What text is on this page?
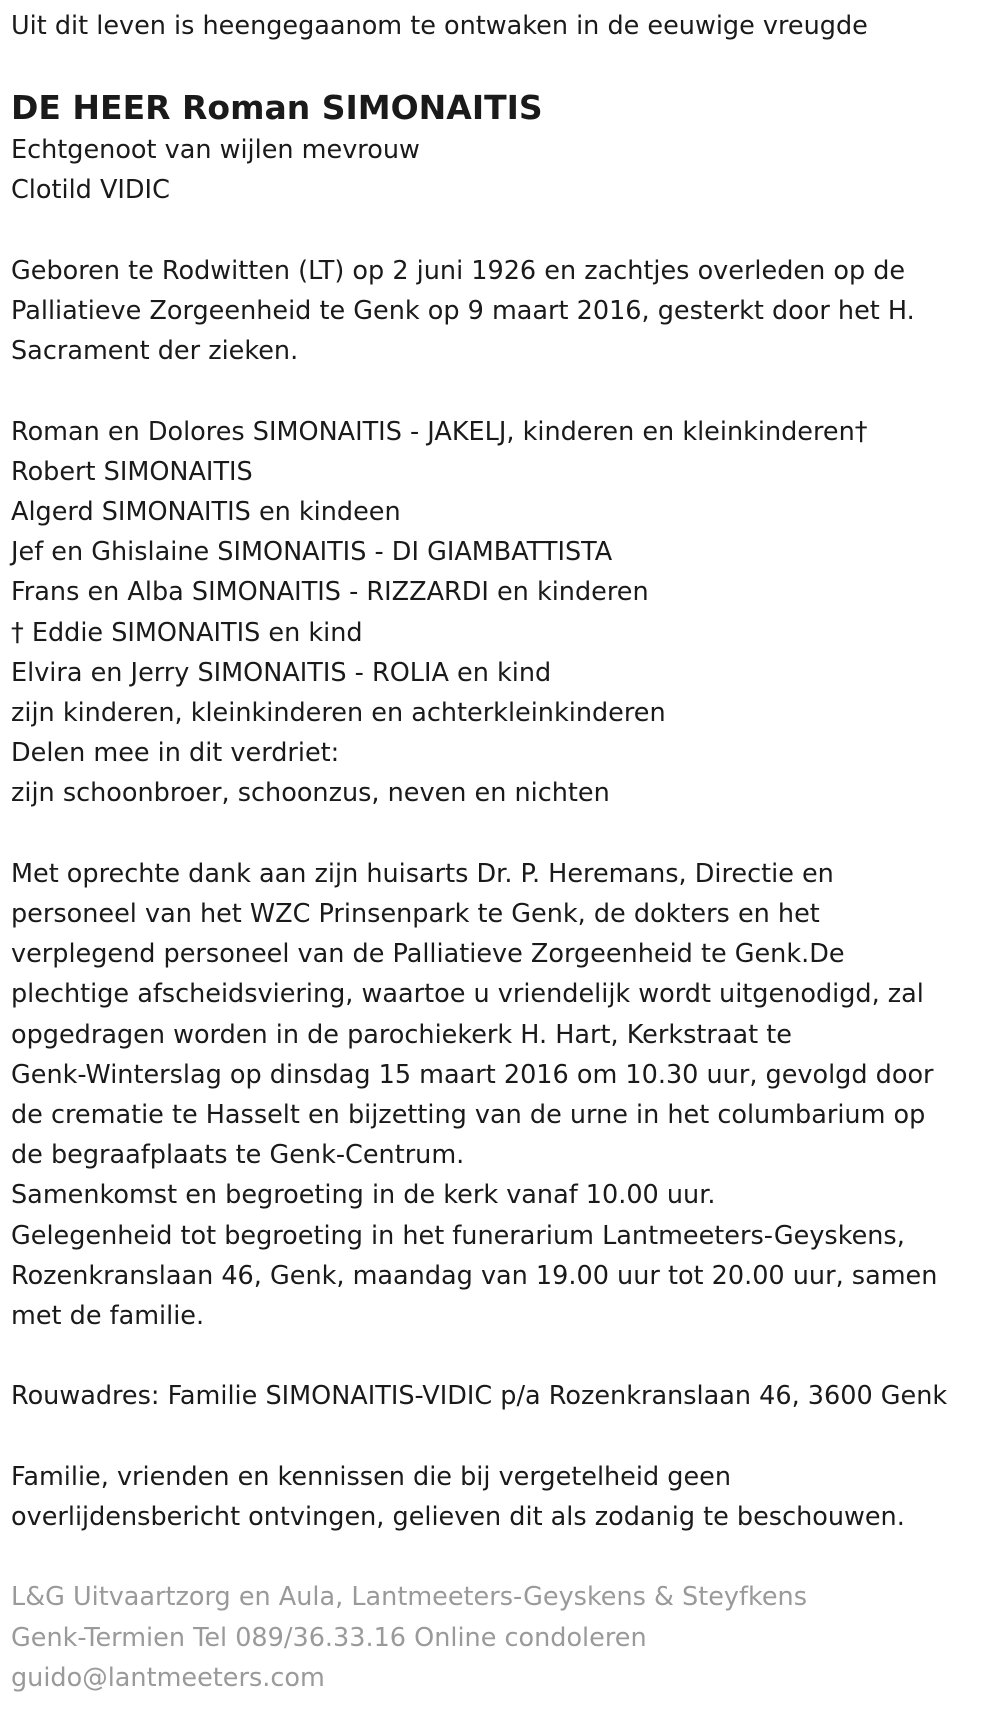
Uit dit leven is heengegaanom te ontwaken in de eeuwige vreugde
DE HEER Roman SIMONAITIS
Echtgenoot van wijlen mevrouw
Clotild VIDIC
Geboren te Rodwitten (LT) op 2 juni 1926 en zachtjes overleden op de
Palliatieve Zorgeenheid te Genk op 9 maart 2016, gesterkt door het H.
Sacrament der zieken.
Roman en Dolores SIMONAITIS - JAKELJ, kinderen en kleinkinderen†
Robert SIMONAITIS
Algerd SIMONAITIS en kindeen
Jef en Ghislaine SIMONAITIS - DI GIAMBATTISTA
Frans en Alba SIMONAITIS - RIZZARDI en kinderen
† Eddie SIMONAITIS en kind
Elvira en Jerry SIMONAITIS - ROLIA en kind
zijn kinderen, kleinkinderen en achterkleinkinderen
Delen mee in dit verdriet:
zijn schoonbroer, schoonzus, neven en nichten
Met oprechte dank aan zijn huisarts Dr. P. Heremans, Directie en
personeel van het WZC Prinsenpark te Genk, de dokters en het
verplegend personeel van de Palliatieve Zorgeenheid te Genk.De
plechtige afscheidsviering, waartoe u vriendelijk wordt uitgenodigd, zal
opgedragen worden in de parochiekerk H. Hart, Kerkstraat te
Genk-Winterslag op dinsdag 15 maart 2016 om 10.30 uur, gevolgd door
de crematie te Hasselt en bijzetting van de urne in het columbarium op
de begraafplaats te Genk-Centrum.
Samenkomst en begroeting in de kerk vanaf 10.00 uur.
Gelegenheid tot begroeting in het funerarium Lantmeeters-Geyskens,
Rozenkranslaan 46, Genk, maandag van 19.00 uur tot 20.00 uur, samen
met de familie.
Rouwadres: Familie SIMONAITIS-VIDIC p/a Rozenkranslaan 46, 3600 Genk
Familie, vrienden en kennissen die bij vergetelheid geen
overlijdensbericht ontvingen, gelieven dit als zodanig te beschouwen.
L&G Uitvaartzorg en Aula, Lantmeeters-Geyskens & Steyfkens
Genk-Termien Tel 089/36.33.16 Online condoleren
guido@lantmeeters.com
